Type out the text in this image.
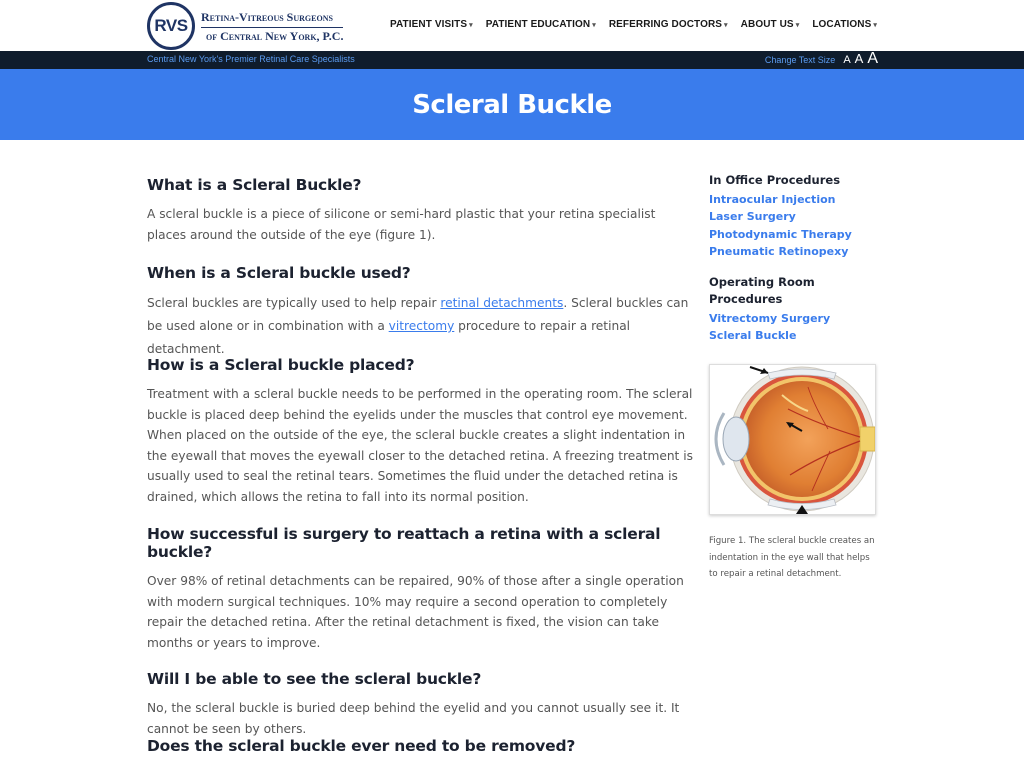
RVS	Retina-Vitreous Surgeons
of Central New York, P.C.
PATIENT VISITS ▾ PATIENT EDUCATION ▾ REFERRING DOCTORS ▾ ABOUT US ▾ LOCATIONS ▾
Central New York's Premier Retinal Care Specialists	Change Text Size A A A
Scleral Buckle
What is a Scleral Buckle?

A scleral buckle is a piece of silicone or semi-hard plastic that your retina specialist places around the outside of the eye (figure 1).

When is a Scleral buckle used?

Scleral buckles are typically used to help repair retinal detachments. Scleral buckles can be used alone or in combination with a vitrectomy procedure to repair a retinal detachment.

How is a Scleral buckle placed?

Treatment with a scleral buckle needs to be performed in the operating room. The scleral buckle is placed deep behind the eyelids under the muscles that control eye movement. When placed on the outside of the eye, the scleral buckle creates a slight indentation in the eyewall that moves the eyewall closer to the detached retina. A freezing treatment is usually used to seal the retinal tears. Sometimes the fluid under the detached retina is drained, which allows the retina to fall into its normal position.

How successful is surgery to reattach a retina with a scleral buckle?

Over 98% of retinal detachments can be repaired, 90% of those after a single operation with modern surgical techniques. 10% may require a second operation to completely repair the detached retina. After the retinal detachment is fixed, the vision can take months or years to improve.

Will I be able to see the scleral buckle?

No, the scleral buckle is buried deep behind the eyelid and you cannot usually see it. It cannot be seen by others.

Does the scleral buckle ever need to be removed?
In Office Procedures
Intraocular Injection
Laser Surgery
Photodynamic Therapy
Pneumatic Retinopexy
Operating Room Procedures
Vitrectomy Surgery
Scleral Buckle
Figure 1. The scleral buckle creates an indentation in the eye wall that helps to repair a retinal detachment.
